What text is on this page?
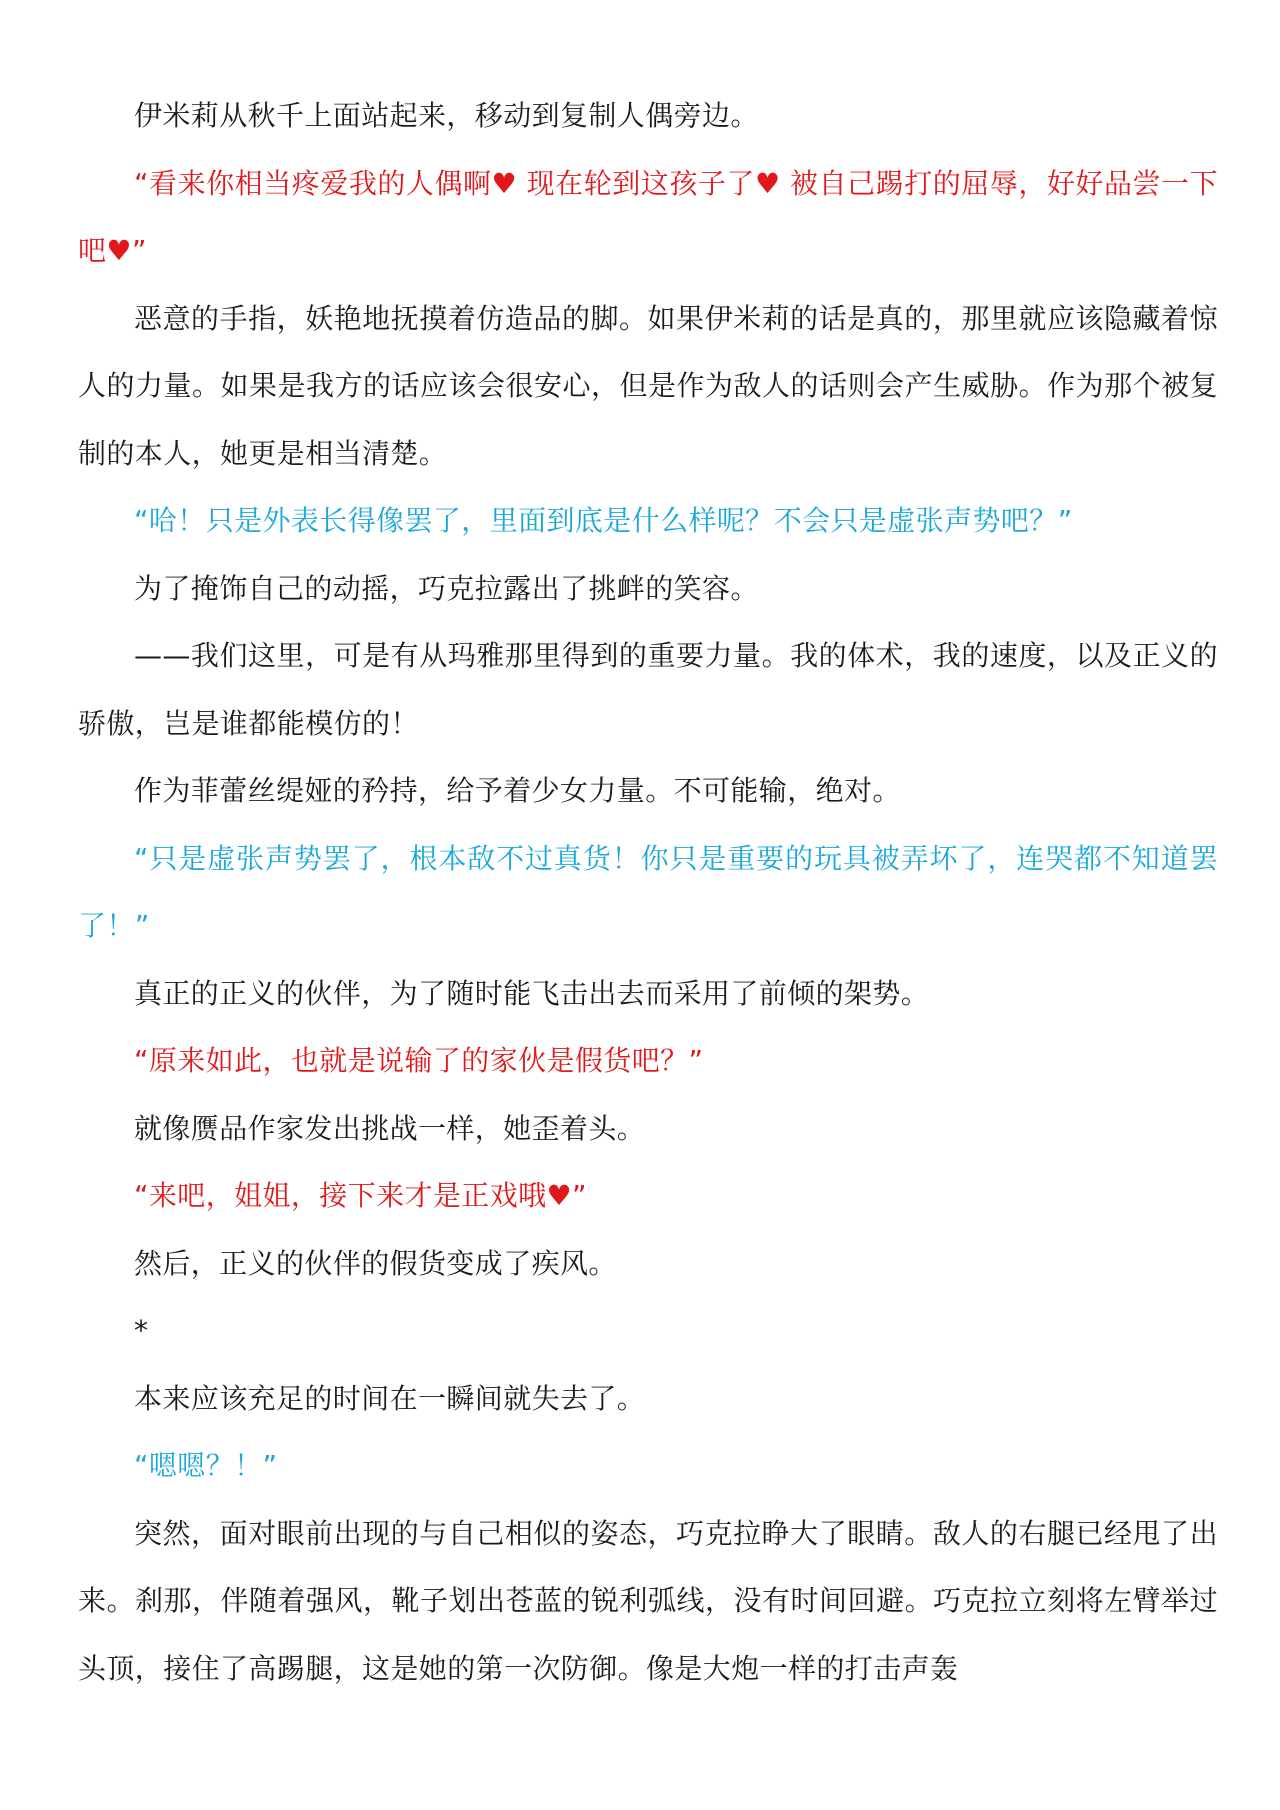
伊米莉从秋千上面站起来，移动到复制人偶旁边。

“看来你相当疼爱我的人偶啊♥ 现在轮到这孩子了♥ 被自己踢打的屈辱，好好品尝一下吧♥”

恶意的手指，妖艳地抚摸着仿造品的脚。如果伊米莉的话是真的，那里就应该隐藏着惊人的力量。如果是我方的话应该会很安心，但是作为敌人的话则会产生威胁。作为那个被复制的本人，她更是相当清楚。

“哈！只是外表长得像罢了，里面到底是什么样呢？不会只是虚张声势吧？”

为了掩饰自己的动摇，巧克拉露出了挑衅的笑容。

——我们这里，可是有从玛雅那里得到的重要力量。我的体术，我的速度，以及正义的骄傲，岂是谁都能模仿的！

作为菲蕾丝缇娅的矜持，给予着少女力量。不可能输，绝对。

“只是虚张声势罢了，根本敌不过真货！你只是重要的玩具被弄坏了，连哭都不知道罢了！”

真正的正义的伙伴，为了随时能飞击出去而采用了前倾的架势。

“原来如此，也就是说输了的家伙是假货吧？”

就像赝品作家发出挑战一样，她歪着头。

“来吧，姐姐，接下来才是正戏哦♥”

然后，正义的伙伴的假货变成了疾风。

*

本来应该充足的时间在一瞬间就失去了。

“嗯嗯？！”

突然，面对眼前出现的与自己相似的姿态，巧克拉睁大了眼睛。敌人的右腿已经甩了出来。刹那，伴随着强风，靴子划出苍蓝的锐利弧线，没有时间回避。巧克拉立刻将左臂举过头顶，接住了高踢腿，这是她的第一次防御。像是大炮一样的打击声轰
